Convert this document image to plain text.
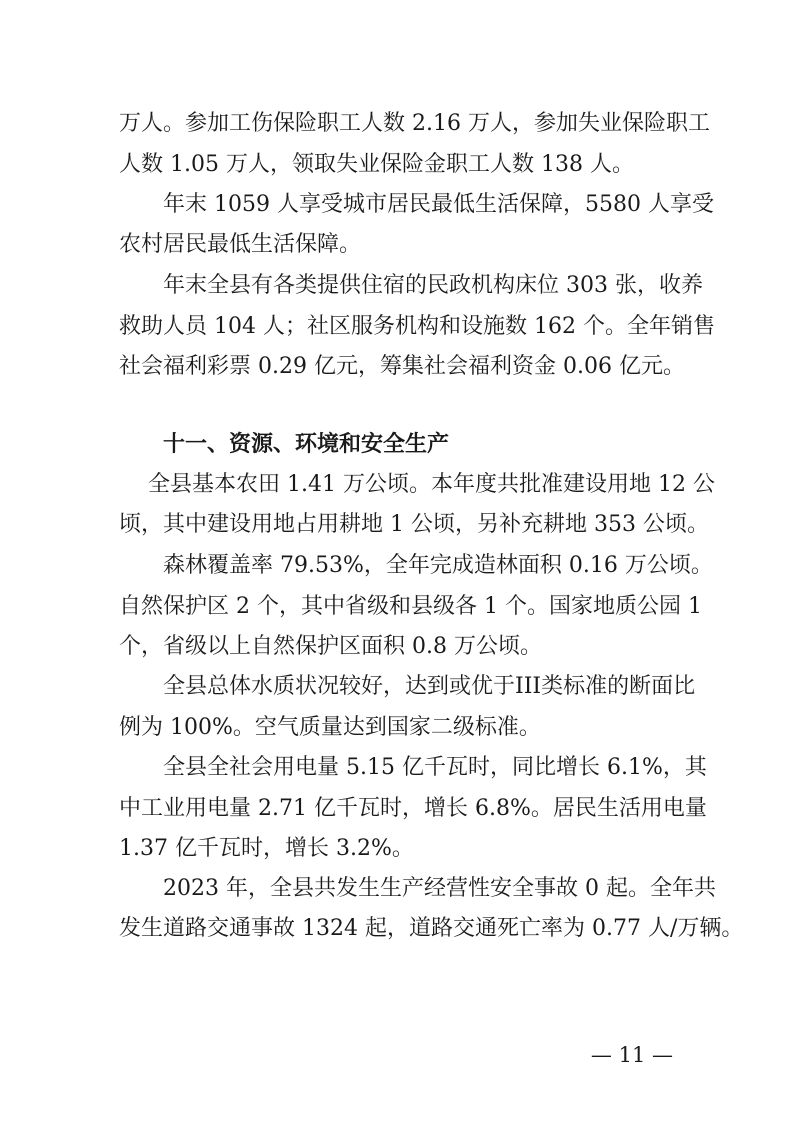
万人。参加工伤保险职工人数 2.16 万人，参加失业保险职工
人数 1.05 万人，领取失业保险金职工人数 138 人。
年末 1059 人享受城市居民最低生活保障，5580 人享受
农村居民最低生活保障。
年末全县有各类提供住宿的民政机构床位 303 张，收养
救助人员 104 人；社区服务机构和设施数 162 个。全年销售
社会福利彩票 0.29 亿元，筹集社会福利资金 0.06 亿元。
十一、资源、环境和安全生产
全县基本农田 1.41 万公顷。本年度共批准建设用地 12 公
顷，其中建设用地占用耕地 1 公顷，另补充耕地 353 公顷。
森林覆盖率 79.53%，全年完成造林面积 0.16 万公顷。
自然保护区 2 个，其中省级和县级各 1 个。国家地质公园 1
个，省级以上自然保护区面积 0.8 万公顷。
全县总体水质状况较好，达到或优于III类标准的断面比
例为 100%。空气质量达到国家二级标准。
全县全社会用电量 5.15 亿千瓦时，同比增长 6.1%，其
中工业用电量 2.71 亿千瓦时，增长 6.8%。居民生活用电量
1.37 亿千瓦时，增长 3.2%。
2023 年，全县共发生生产经营性安全事故 0 起。全年共
发生道路交通事故 1324 起，道路交通死亡率为 0.77 人/万辆。
— 11 —
